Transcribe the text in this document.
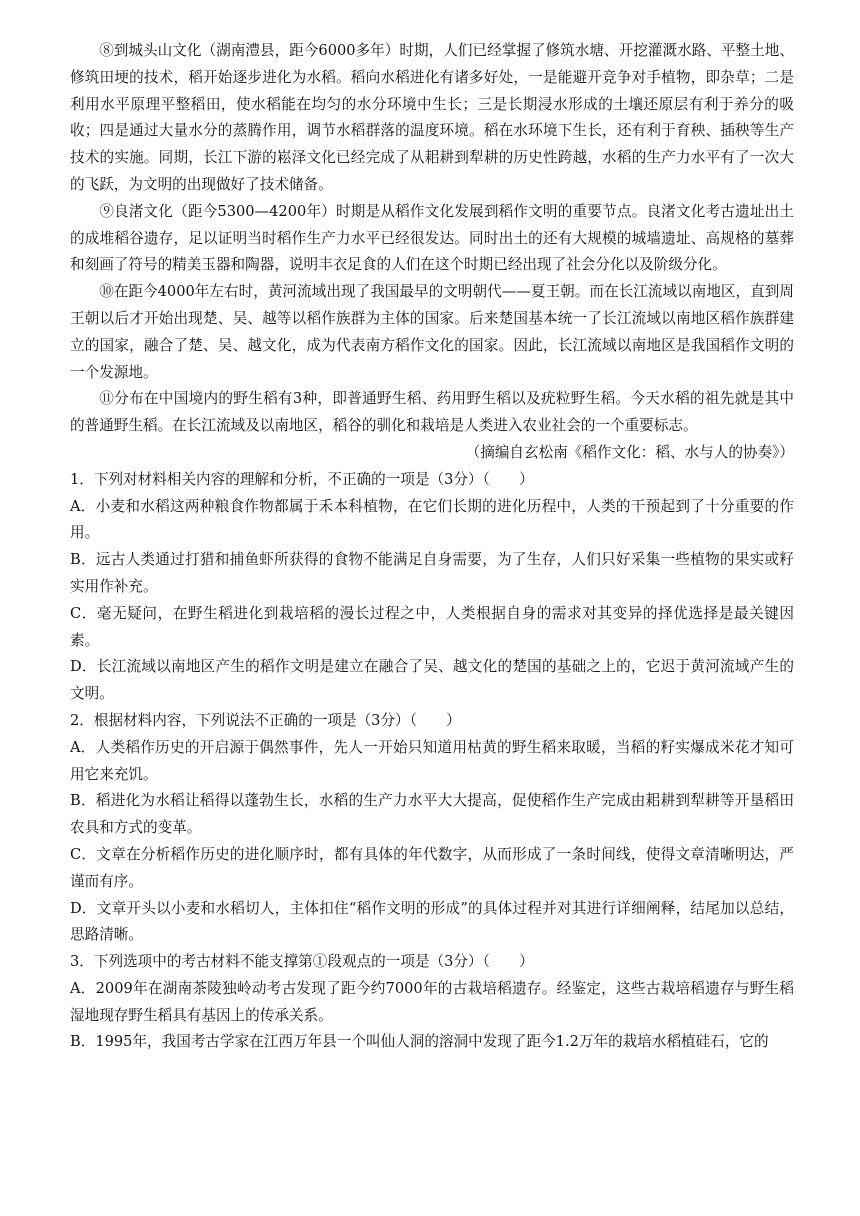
⑧到城头山文化（湖南澧县，距今6000多年）时期，人们已经掌握了修筑水塘、开挖灌溉水路、平整土地、修筑田埂的技术，稻开始逐步进化为水稻。稻向水稻进化有诸多好处，一是能避开竞争对手植物，即杂草；二是利用水平原理平整稻田，使水稻能在均匀的水分环境中生长；三是长期浸水形成的土壤还原层有利于养分的吸收；四是通过大量水分的蒸腾作用，调节水稻群落的温度环境。稻在水环境下生长，还有利于育秧、插秧等生产技术的实施。同期，长江下游的崧泽文化已经完成了从耜耕到犁耕的历史性跨越，水稻的生产力水平有了一次大的飞跃，为文明的出现做好了技术储备。

⑨良渚文化（距今5300—4200年）时期是从稻作文化发展到稻作文明的重要节点。良渚文化考古遗址出土的成堆稻谷遗存，足以证明当时稻作生产力水平已经很发达。同时出土的还有大规模的城墙遗址、高规格的墓葬和刻画了符号的精美玉器和陶器，说明丰衣足食的人们在这个时期已经出现了社会分化以及阶级分化。

⑩在距今4000年左右时，黄河流域出现了我国最早的文明朝代——夏王朝。而在长江流域以南地区，直到周王朝以后才开始出现楚、吴、越等以稻作族群为主体的国家。后来楚国基本统一了长江流域以南地区稻作族群建立的国家，融合了楚、吴、越文化，成为代表南方稻作文化的国家。因此，长江流域以南地区是我国稻作文明的一个发源地。

⑪分布在中国境内的野生稻有3种，即普通野生稻、药用野生稻以及疣粒野生稻。今天水稻的祖先就是其中的普通野生稻。在长江流域及以南地区，稻谷的驯化和栽培是人类进入农业社会的一个重要标志。

（摘编自玄松南《稻作文化：稻、水与人的协奏》）

1．下列对材料相关内容的理解和分析，不正确的一项是（3分）（　　）

A．小麦和水稻这两种粮食作物都属于禾本科植物，在它们长期的进化历程中，人类的干预起到了十分重要的作用。

B．远古人类通过打猎和捕鱼虾所获得的食物不能满足自身需要，为了生存，人们只好采集一些植物的果实或籽实用作补充。

C．毫无疑问，在野生稻进化到栽培稻的漫长过程之中，人类根据自身的需求对其变异的择优选择是最关键因素。

D．长江流域以南地区产生的稻作文明是建立在融合了吴、越文化的楚国的基础之上的，它迟于黄河流域产生的文明。

2．根据材料内容，下列说法不正确的一项是（3分）（　　）

A．人类稻作历史的开启源于偶然事件，先人一开始只知道用枯黄的野生稻来取暖，当稻的籽实爆成米花才知可用它来充饥。

B．稻进化为水稻让稻得以蓬勃生长，水稻的生产力水平大大提高，促使稻作生产完成由耜耕到犁耕等开垦稻田农具和方式的变革。

C．文章在分析稻作历史的进化顺序时，都有具体的年代数字，从而形成了一条时间线，使得文章清晰明达，严谨而有序。

D．文章开头以小麦和水稻切人，主体扣住“稻作文明的形成”的具体过程并对其进行详细阐释，结尾加以总结，思路清晰。

3．下列选项中的考古材料不能支撑第①段观点的一项是（3分）（　　）

A．2009年在湖南茶陵独岭动考古发现了距今约7000年的古栽培稻遗存。经鉴定，这些古栽培稻遗存与野生稻湿地现存野生稻具有基因上的传承关系。

B．1995年，我国考古学家在江西万年县一个叫仙人洞的溶洞中发现了距今1.2万年的栽培水稻植硅石，它的
